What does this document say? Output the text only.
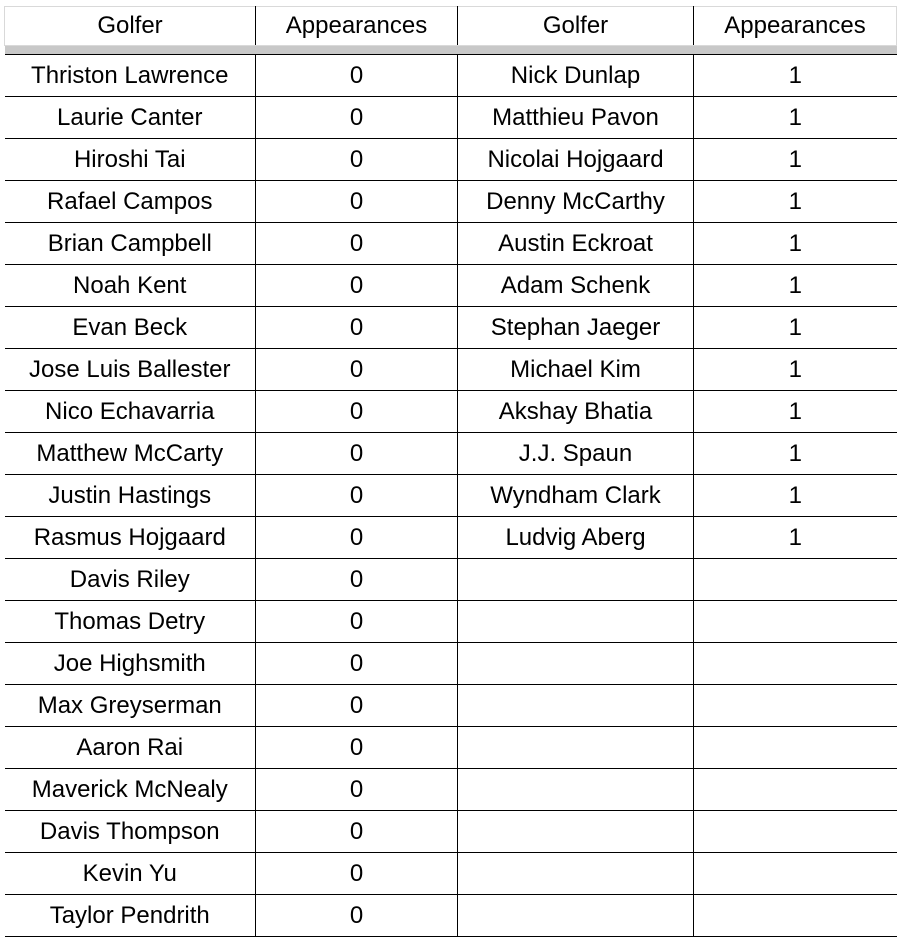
Golfer	Appearances	Golfer	Appearances

Thriston Lawrence	0	Nick Dunlap	1
Laurie Canter	0	Matthieu Pavon	1
Hiroshi Tai	0	Nicolai Hojgaard	1
Rafael Campos	0	Denny McCarthy	1
Brian Campbell	0	Austin Eckroat	1
Noah Kent	0	Adam Schenk	1
Evan Beck	0	Stephan Jaeger	1
Jose Luis Ballester	0	Michael Kim	1
Nico Echavarria	0	Akshay Bhatia	1
Matthew McCarty	0	J.J. Spaun	1
Justin Hastings	0	Wyndham Clark	1
Rasmus Hojgaard	0	Ludvig Aberg	1
Davis Riley	0		
Thomas Detry	0		
Joe Highsmith	0		
Max Greyserman	0		
Aaron Rai	0		
Maverick McNealy	0		
Davis Thompson	0		
Kevin Yu	0		
Taylor Pendrith	0		
